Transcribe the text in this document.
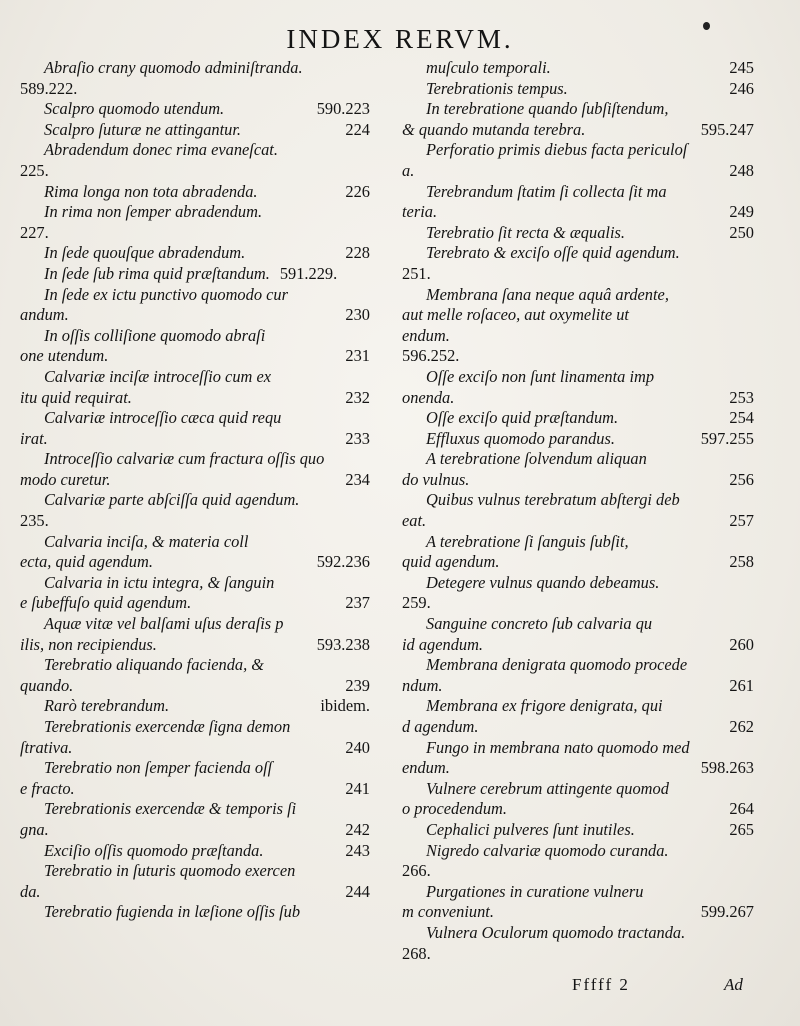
INDEX RERVM.
Abraſio crany quomodo adminiſtranda.
589.222.
Scalpro quomodo utendum.	590.223
Scalpro ſuturæ ne attingantur.	224
Abradendum donec rima evaneſcat.
225.
Rima longa non tota abradenda.	226
In rima non ſemper abradendum.
227.
In ſede quouſque abradendum.	228
In ſede ſub rima quid præſtandum. 591.229.
In ſede ex ictu punctivo quomodo cur
andum.	230
In oſſis colliſione quomodo abraſi
one utendum.	231
Calvariæ inciſæ introceſſio cum ex
itu quid requirat.	232
Calvariæ introceſſio cæca quid requ
irat.	233
Introceſſio calvariæ cum fractura oſſis quo
modo curetur.	234
Calvariæ parte abſciſſa quid agendum.
235.
Calvaria inciſa, & materia coll
ecta, quid agendum.	592.236
Calvaria in ictu integra, & ſanguin
e ſubeffuſo quid agendum.	237
Aquæ vitæ vel balſami uſus deraſis p
ilis, non recipiendus.	593.238
Terebratio aliquando facienda, &
quando.	239
Rarò terebrandum.	ibidem.
Terebrationis exercendæ ſigna demon
ſtrativa.	240
Terebratio non ſemper facienda oſſ
e fracto.	241
Terebrationis exercendæ & temporis ſi
gna.	242
Exciſio oſſis quomodo præſtanda.	243
Terebratio in ſuturis quomodo exercen
da.	244
Terebratio fugienda in læſione oſſis ſub
muſculo temporali.	245
Terebrationis tempus.	246
In terebratione quando ſubſiſtendum,
& quando mutanda terebra.	595.247
Perforatio primis diebus facta periculoſ
a.	248
Terebrandum ſtatim ſi collecta ſit ma
teria.	249
Terebratio ſit recta & æqualis.	250
Terebrato & exciſo oſſe quid agendum.
251.
Membrana ſana neque aquâ ardente,
aut melle roſaceo, aut oxymelite ut
endum.
596.252.
Oſſe exciſo non ſunt linamenta imp
onenda.	253
Oſſe exciſo quid præſtandum.	254
Effluxus quomodo parandus.	597.255
A terebratione ſolvendum aliquan
do vulnus.	256
Quibus vulnus terebratum abſtergi deb
eat.	257
A terebratione ſi ſanguis ſubſit,
quid agendum.	258
Detegere vulnus quando debeamus.
259.
Sanguine concreto ſub calvaria qu
id agendum.	260
Membrana denigrata quomodo procede
ndum.	261
Membrana ex frigore denigrata, qui
d agendum.	262
Fungo in membrana nato quomodo med
endum.	598.263
Vulnere cerebrum attingente quomod
o procedendum.	264
Cephalici pulveres ſunt inutiles.	265
Nigredo calvariæ quomodo curanda.
266.
Purgationes in curatione vulneru
m conveniunt.	599.267
Vulnera Oculorum quomodo tractanda.
268.
Fffff 2	Ad
